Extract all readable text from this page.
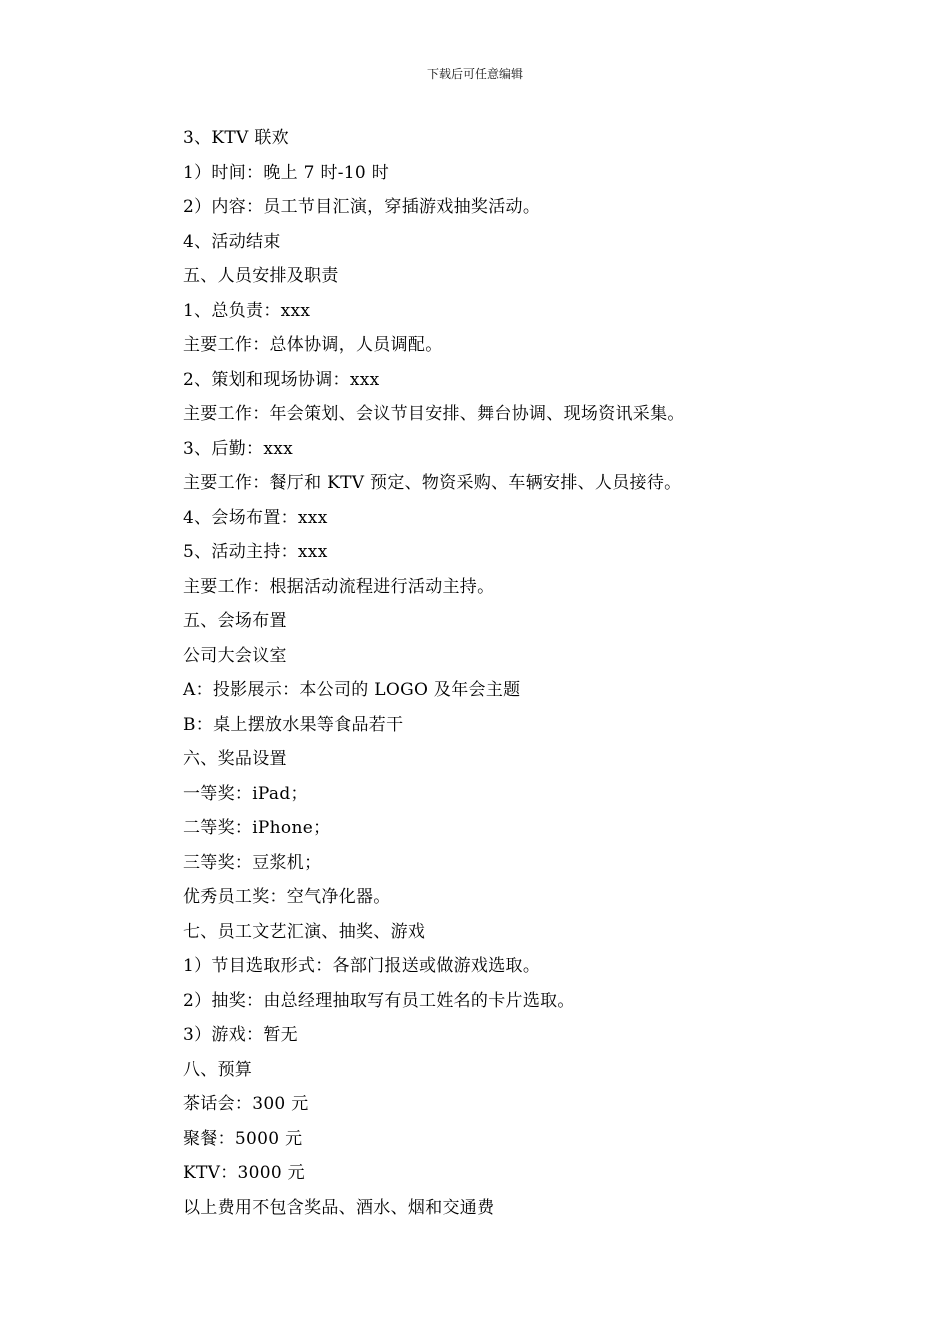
下载后可任意编辑
3、KTV 联欢
1）时间：晚上 7 时-10 时
2）内容：员工节目汇演，穿插游戏抽奖活动。
4、活动结束
五、人员安排及职责
1、总负责：xxx
主要工作：总体协调，人员调配。
2、策划和现场协调：xxx
主要工作：年会策划、会议节目安排、舞台协调、现场资讯采集。
3、后勤：xxx
主要工作：餐厅和 KTV 预定、物资采购、车辆安排、人员接待。
4、会场布置：xxx
5、活动主持：xxx
主要工作：根据活动流程进行活动主持。
五、会场布置
公司大会议室
A：投影展示：本公司的 LOGO 及年会主题
B：桌上摆放水果等食品若干
六、奖品设置
一等奖：iPad；
二等奖：iPhone；
三等奖：豆浆机；
优秀员工奖：空气净化器。
七、员工文艺汇演、抽奖、游戏
1）节目选取形式：各部门报送或做游戏选取。
2）抽奖：由总经理抽取写有员工姓名的卡片选取。
3）游戏：暂无
八、预算
茶话会：300 元
聚餐：5000 元
KTV：3000 元
以上费用不包含奖品、酒水、烟和交通费
